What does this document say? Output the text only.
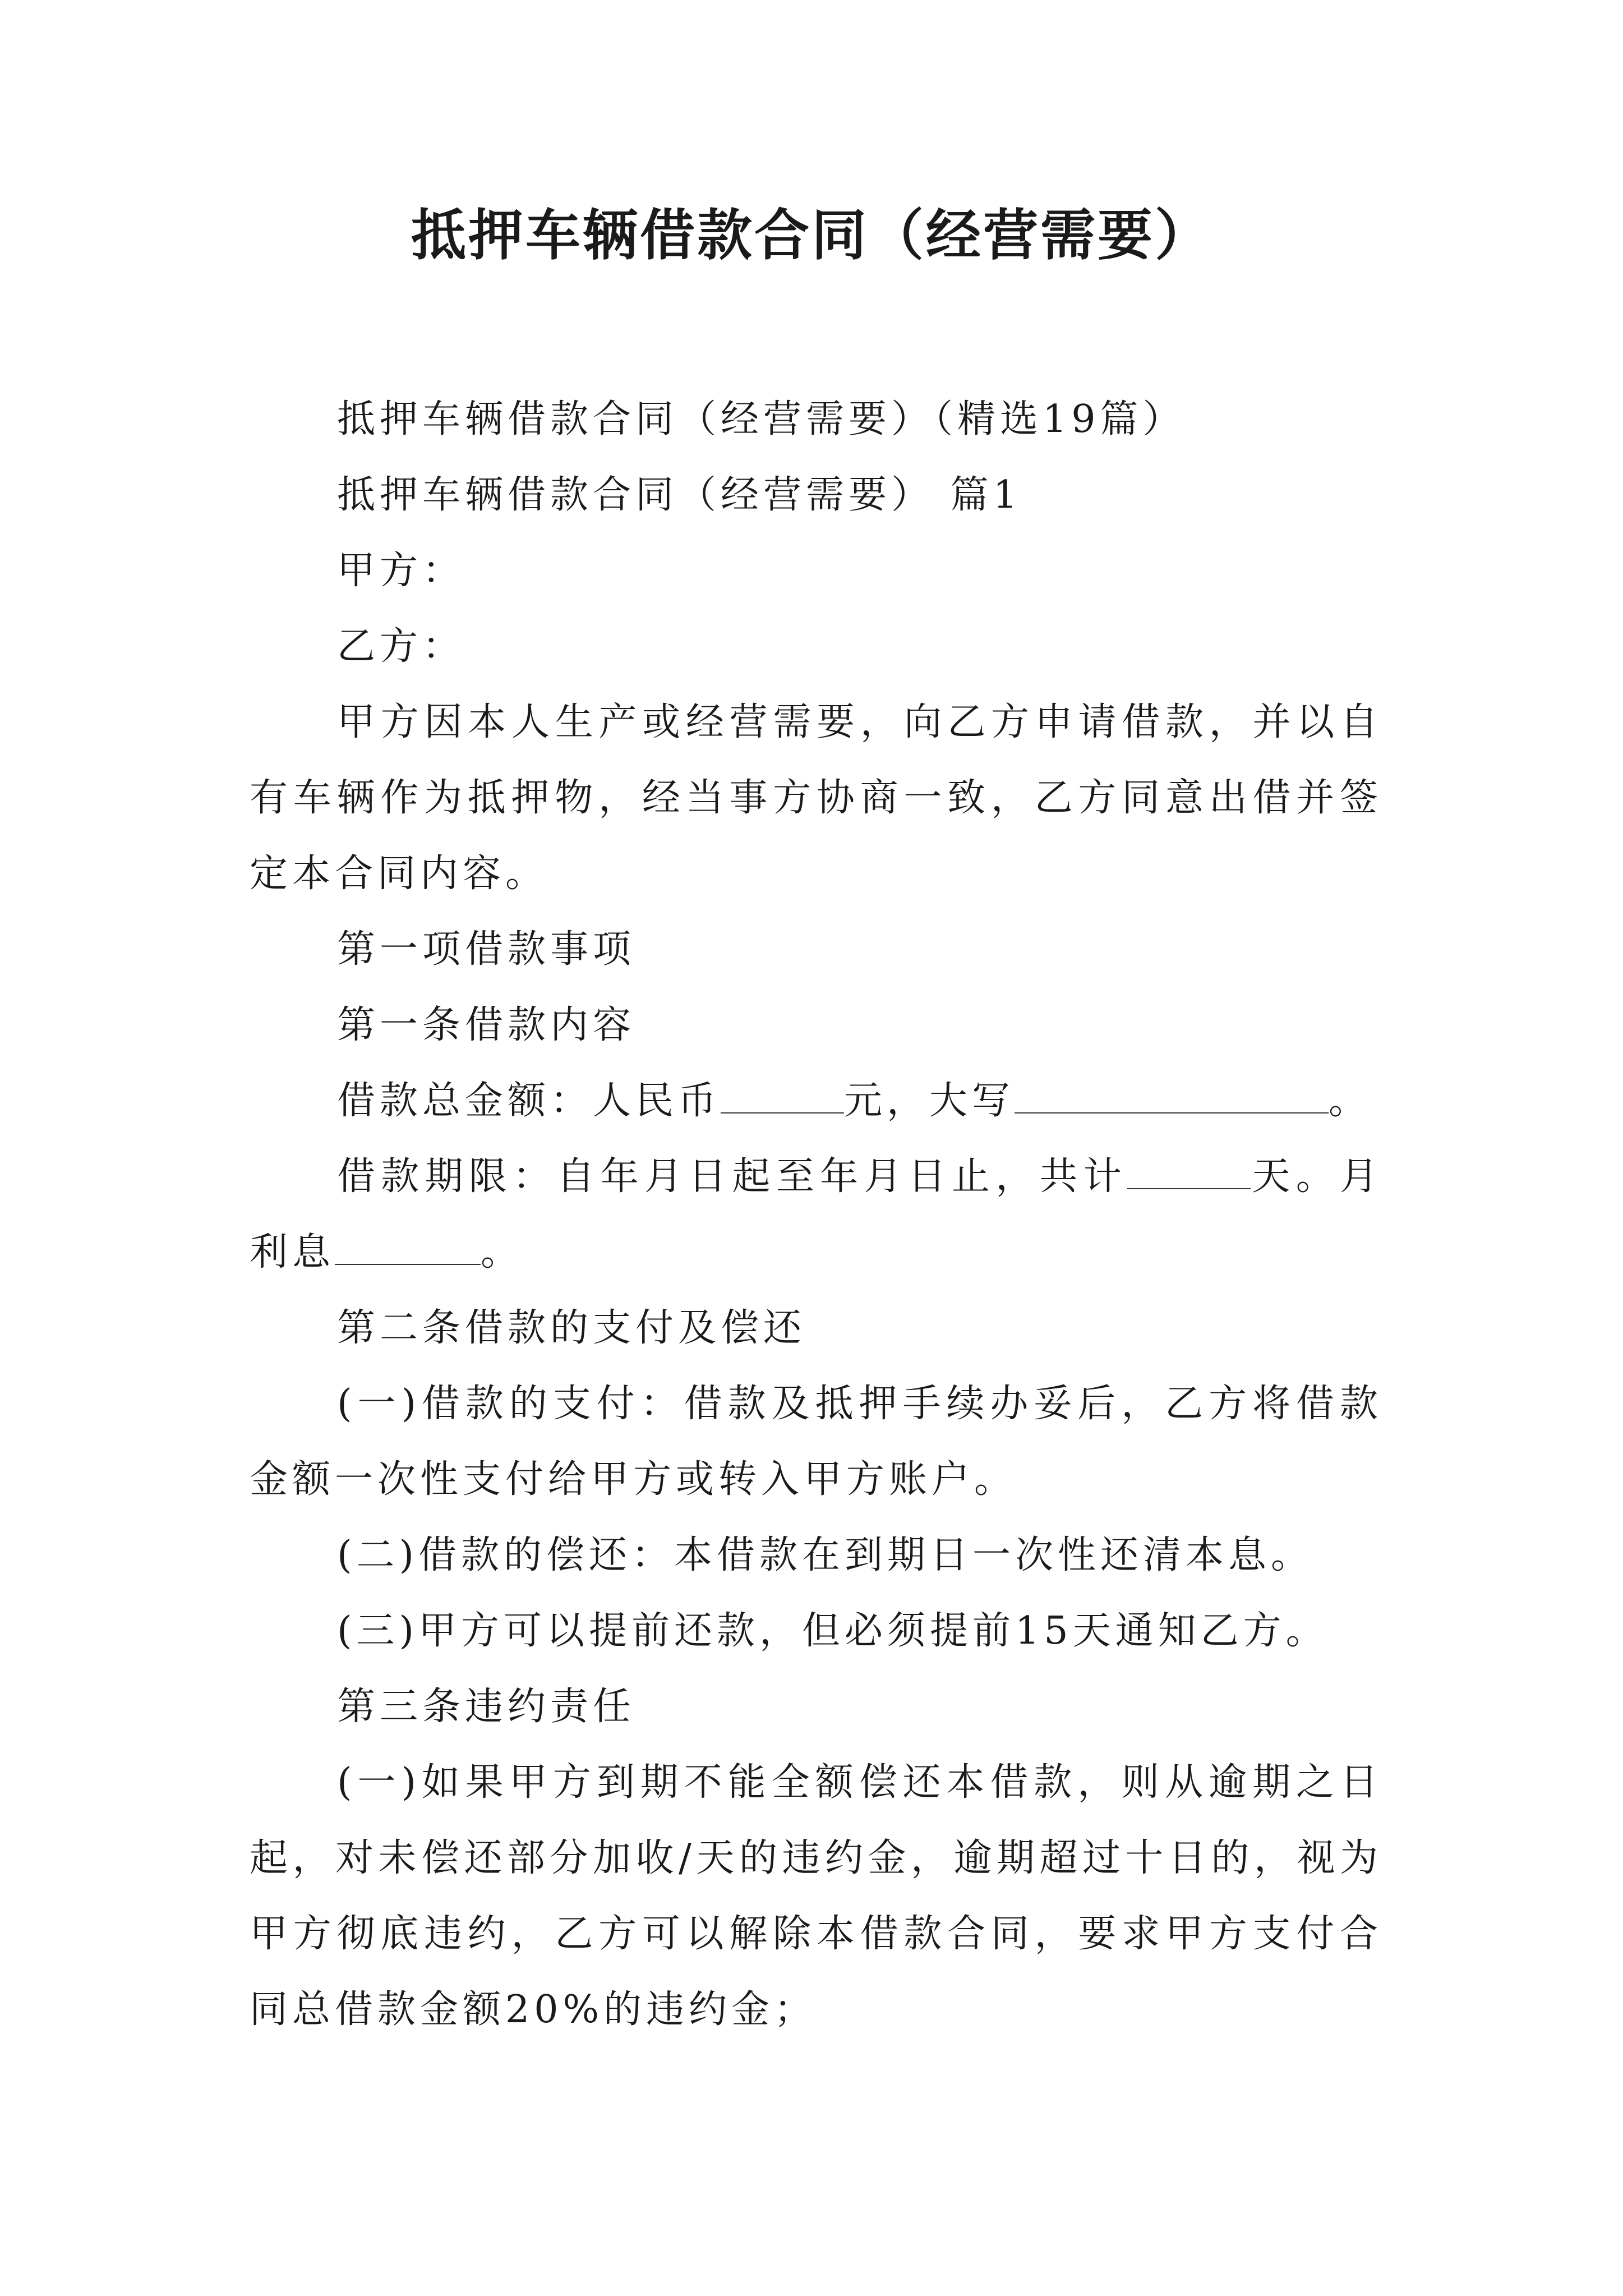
抵押车辆借款合同（经营需要）

抵押车辆借款合同（经营需要）（精选19篇）

抵押车辆借款合同（经营需要） 篇1

甲方：

乙方：

甲方因本人生产或经营需要，向乙方申请借款，并以自有车辆作为抵押物，经当事方协商一致，乙方同意出借并签定本合同内容。

第一项借款事项

第一条借款内容

借款总金额：人民币	元，大写	。

借款期限：自年月日起至年月日止，共计	天。月利息	。

第二条借款的支付及偿还

(一)借款的支付：借款及抵押手续办妥后，乙方将借款金额一次性支付给甲方或转入甲方账户。

(二)借款的偿还：本借款在到期日一次性还清本息。

(三)甲方可以提前还款，但必须提前15天通知乙方。

第三条违约责任

(一)如果甲方到期不能全额偿还本借款，则从逾期之日起，对未偿还部分加收/天的违约金，逾期超过十日的，视为甲方彻底违约，乙方可以解除本借款合同，要求甲方支付合同总借款金额20%的违约金；
